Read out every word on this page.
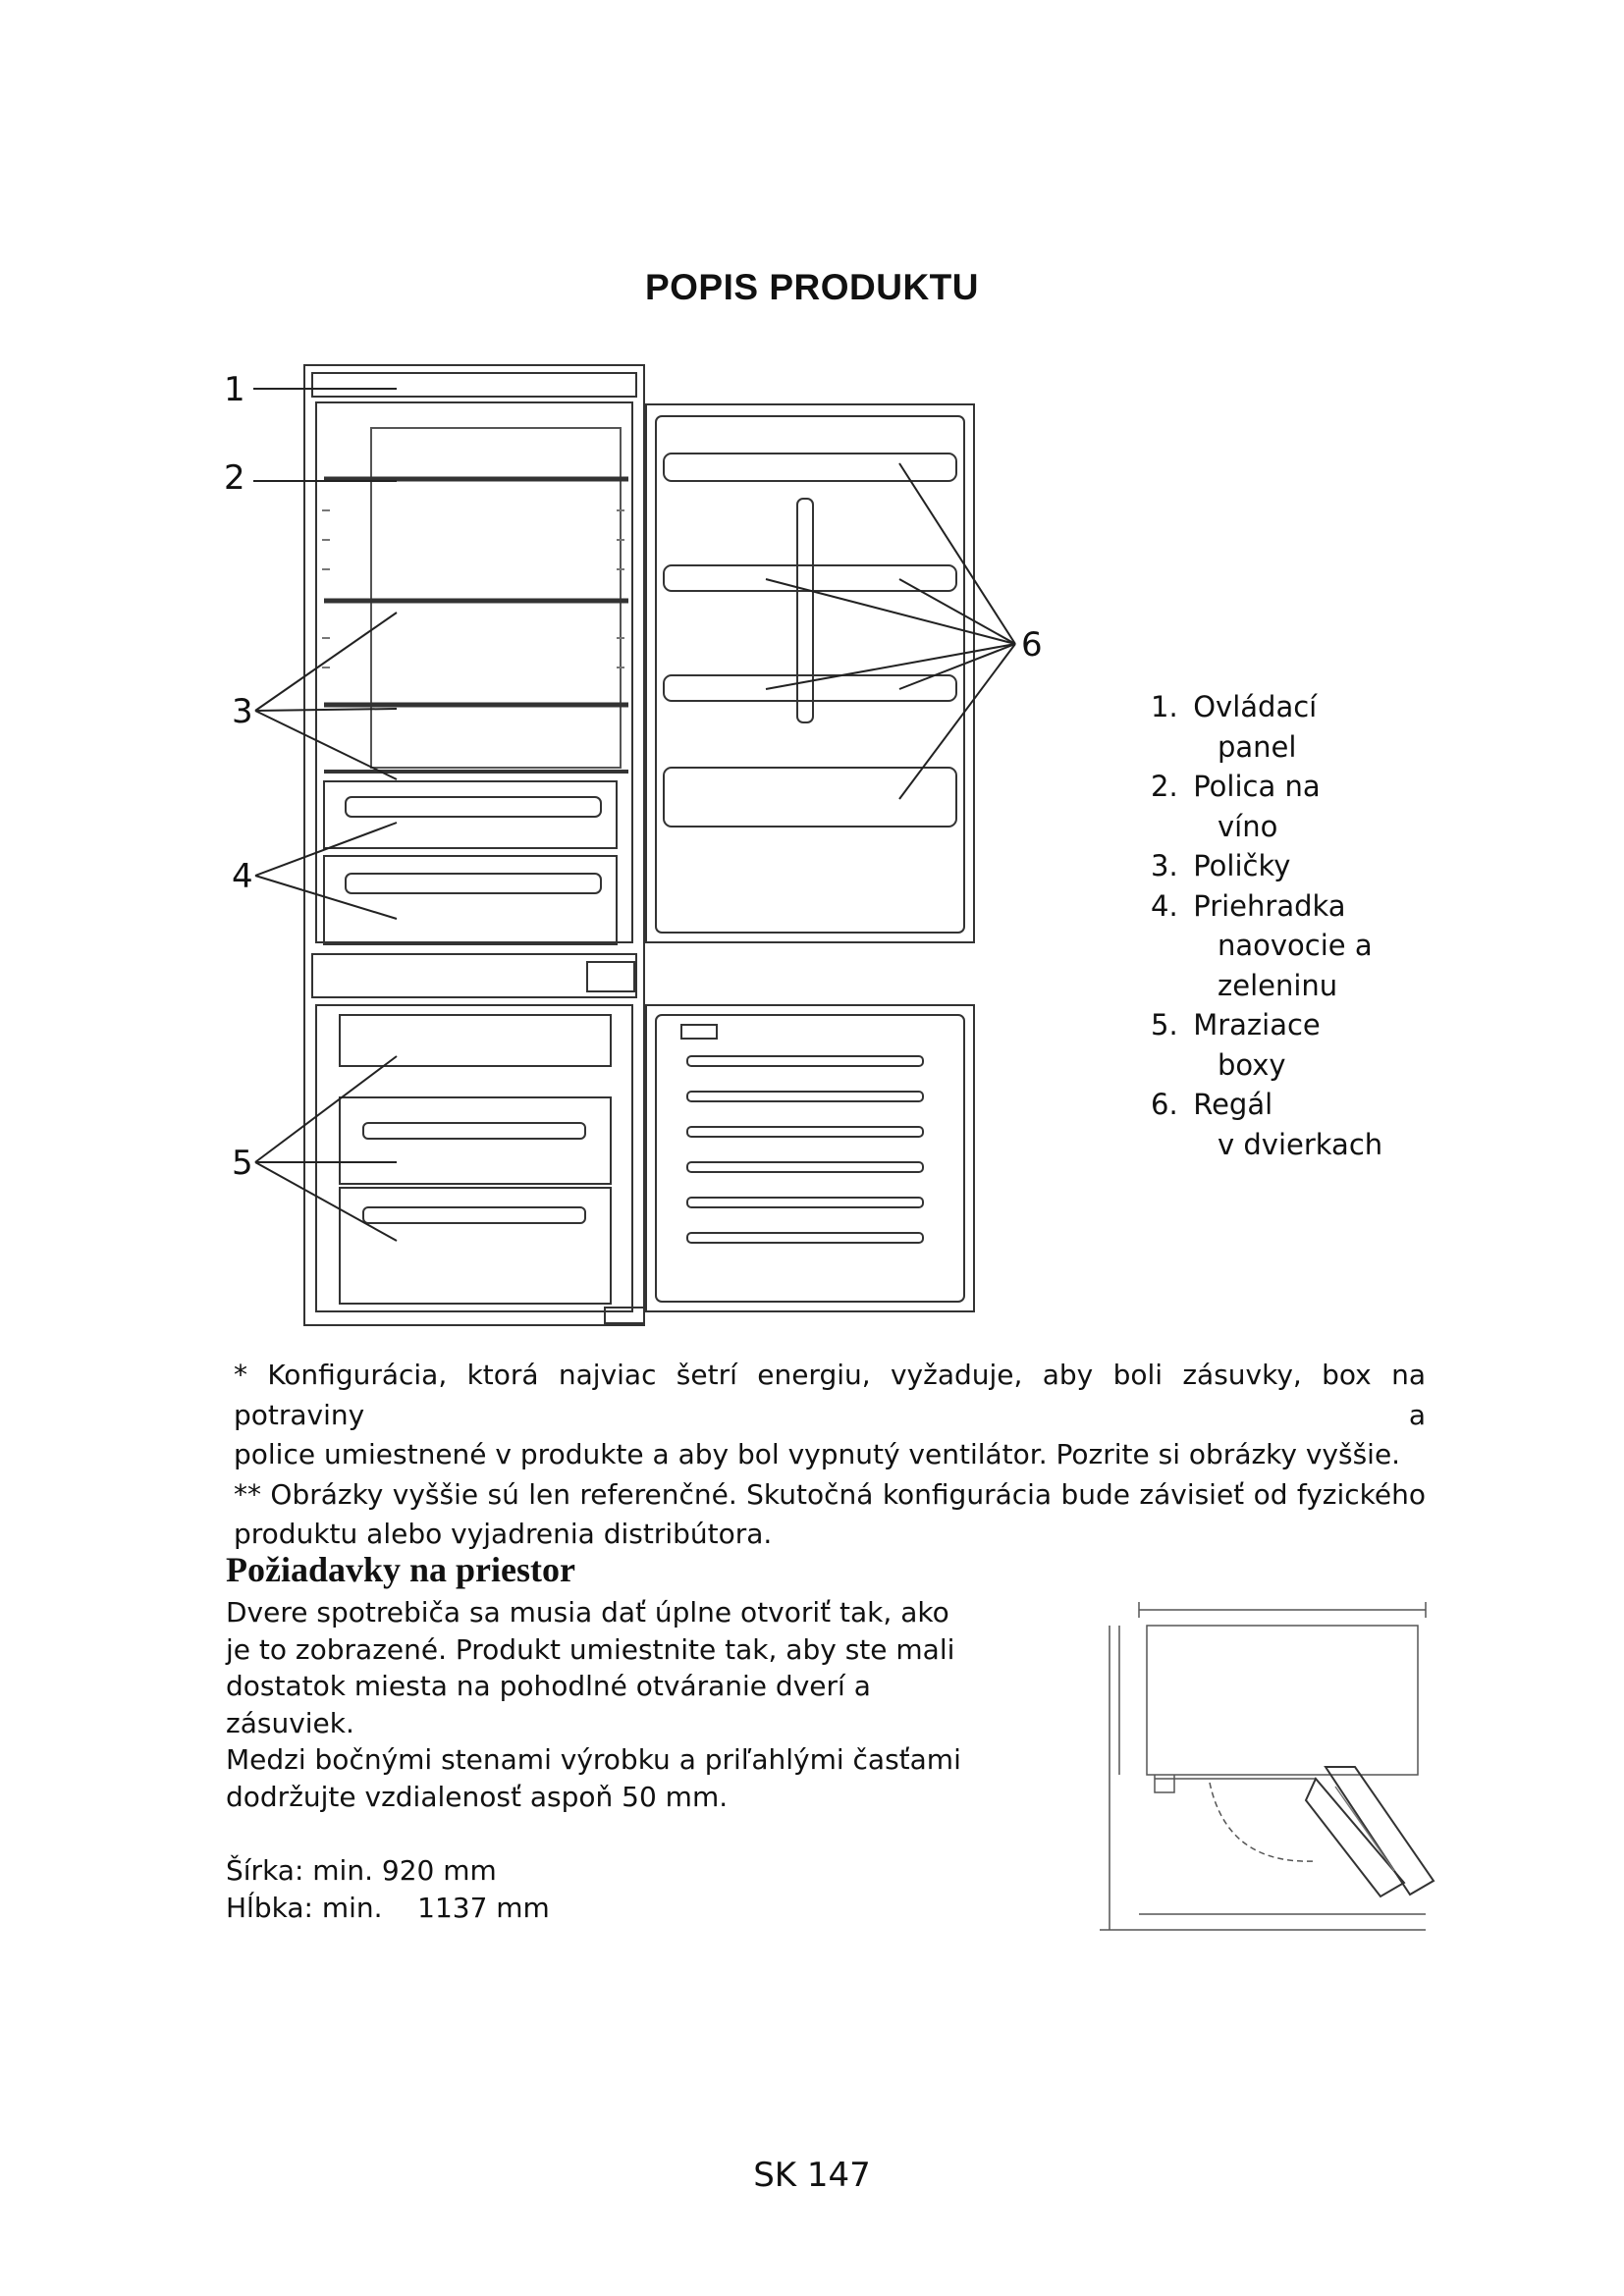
POPIS PRODUKTU
1
2
3
4
5
6
1. Ovládací
panel
2. Polica na
víno
3. Poličky
4. Priehradka
naovocie a
zeleninu
5. Mraziace
boxy
6. Regál
v dvierkach

* Konfigurácia, ktorá najviac šetrí energiu, vyžaduje, aby boli zásuvky, box na potraviny a

police umiestnené v produkte a aby bol vypnutý ventilátor. Pozrite si obrázky vyššie.

** Obrázky vyššie sú len referenčné. Skutočná konfigurácia bude závisieť od fyzického

produktu alebo vyjadrenia distribútora.

Požiadavky na priestor

Dvere spotrebiča sa musia dať úplne otvoriť tak, ako

je to zobrazené. Produkt umiestnite tak, aby ste mali

dostatok miesta na pohodlné otváranie dverí a

zásuviek.

Medzi bočnými stenami výrobku a priľahlými časťami

dodržujte vzdialenosť aspoň 50 mm.

Šírka: min. 920 mm

Hĺbka: min.    1137 mm

SK 147
